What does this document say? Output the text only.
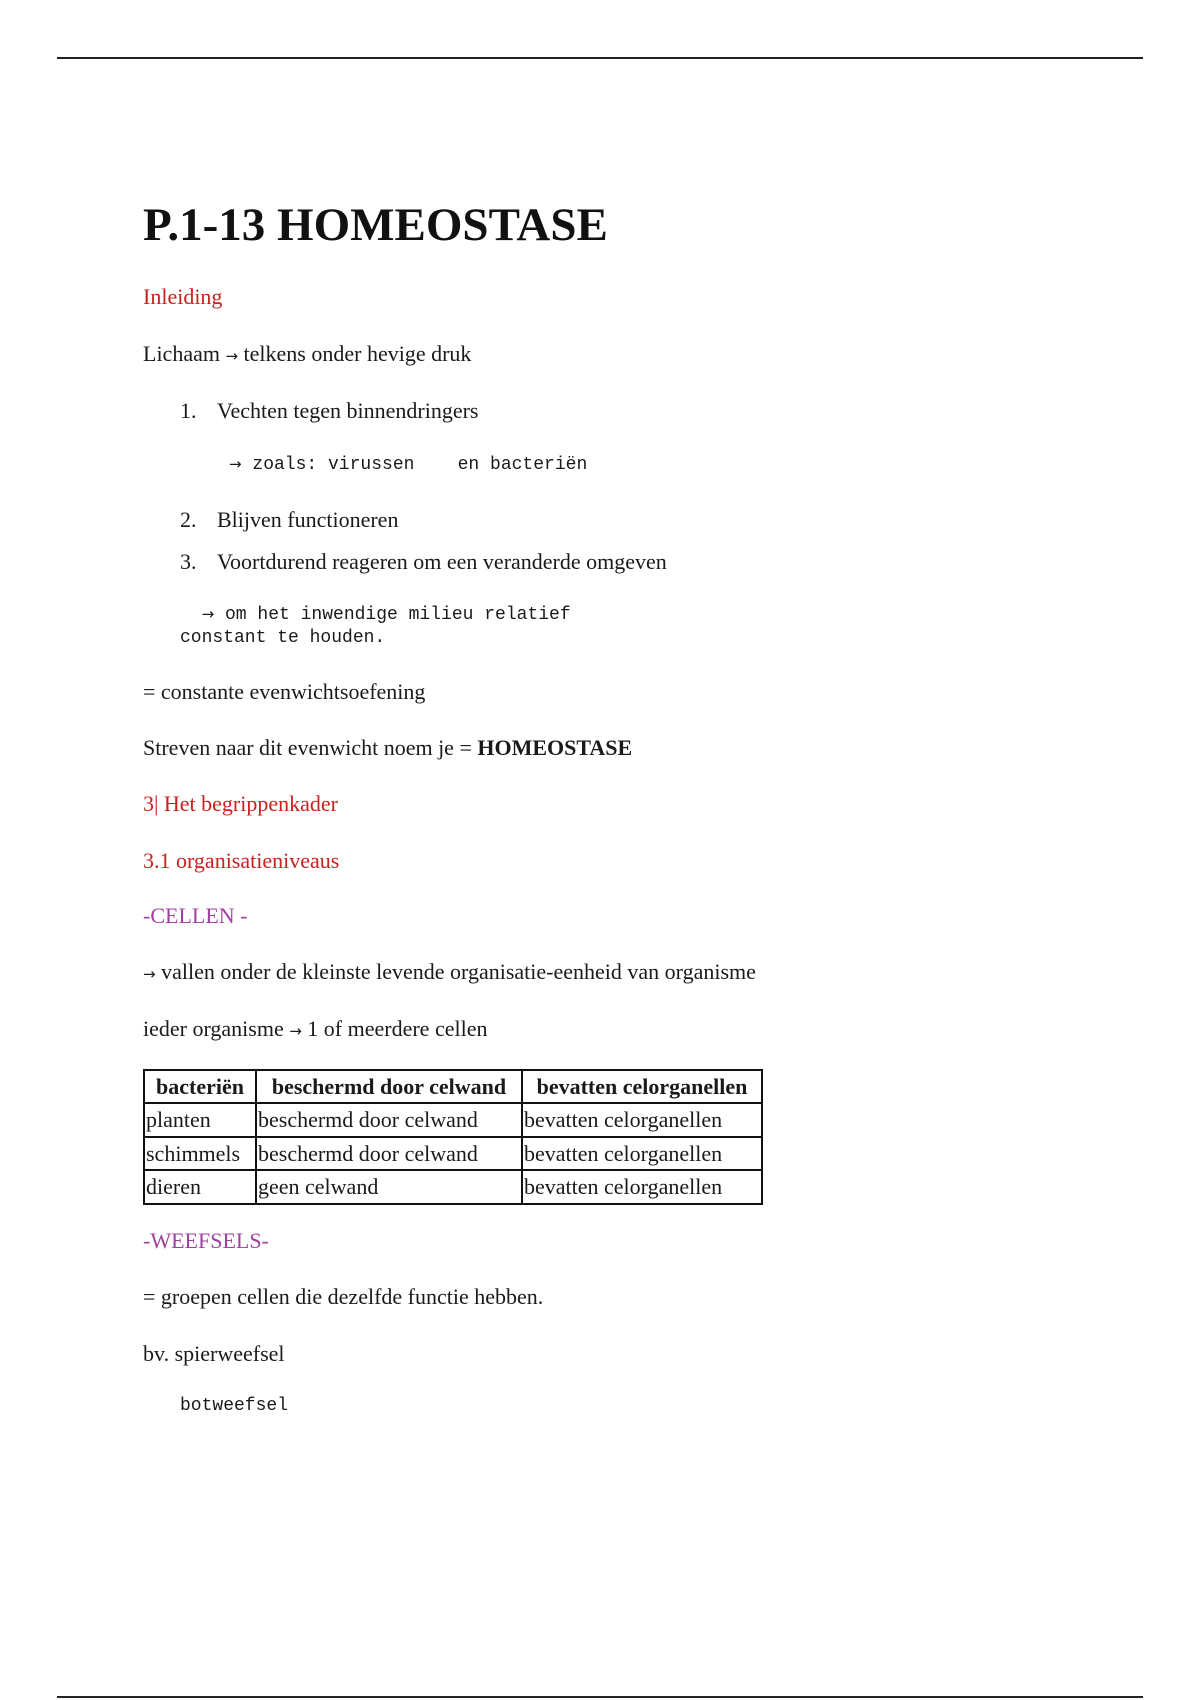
P.1-13 HOMEOSTASE
Inleiding
Lichaam → telkens onder hevige druk
1. Vechten tegen binnendringers
→ zoals: virussen    en bacteriën
2. Blijven functioneren
3. Voortdurend reageren om een veranderde omgeven
→ om het inwendige milieu relatief
constant te houden.
= constante evenwichtsoefening
Streven naar dit evenwicht noem je = HOMEOSTASE
3| Het begrippenkader
3.1 organisatieniveaus
-CELLEN -
→ vallen onder de kleinste levende organisatie-eenheid van organisme
ieder organisme → 1 of meerdere cellen
bacteriën	beschermd door celwand	bevatten celorganellen
planten	beschermd door celwand	bevatten celorganellen
schimmels	beschermd door celwand	bevatten celorganellen
dieren	geen celwand	bevatten celorganellen
-WEEFSELS-
= groepen cellen die dezelfde functie hebben.
bv. spierweefsel
botweefsel
